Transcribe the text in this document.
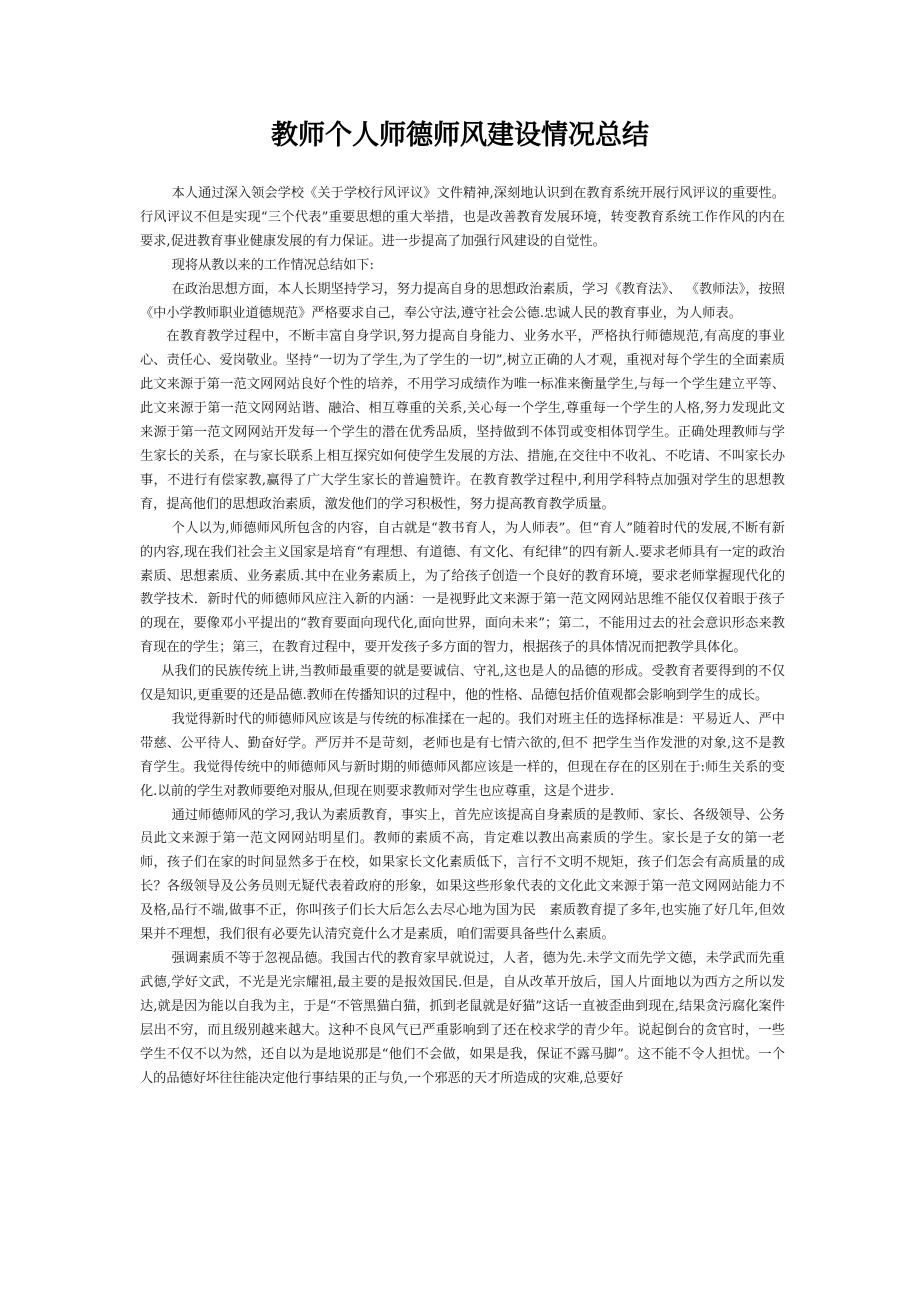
教师个人师德师风建设情况总结

本人通过深入领会学校《关于学校行风评议》文件精神,深刻地认识到在教育系统开展行风评议的重要性。行风评议不但是实现“三个代表”重要思想的重大举措，也是改善教育发展环境，转变教育系统工作作风的内在要求,促进教育事业健康发展的有力保证。进一步提高了加强行风建设的自觉性。

现将从教以来的工作情况总结如下:

在政治思想方面，本人长期坚持学习，努力提高自身的思想政治素质，学习《教育法》、 《教师法》，按照《中小学教师职业道德规范》严格要求自己，奉公守法,遵守社会公德.忠诚人民的教育事业，为人师表。

在教育教学过程中，不断丰富自身学识,努力提高自身能力、业务水平，严格执行师德规范,有高度的事业心、责任心、爱岗敬业。坚持“一切为了学生,为了学生的一切”,树立正确的人才观，重视对每个学生的全面素质此文来源于第一范文网网站良好个性的培养，不用学习成绩作为唯一标准来衡量学生,与每一个学生建立平等、此文来源于第一范文网网站谐、融洽、相互尊重的关系,关心每一个学生,尊重每一个学生的人格,努力发现此文来源于第一范文网网站开发每一个学生的潜在优秀品质，坚持做到不体罚或变相体罚学生。正确处理教师与学生家长的关系，在与家长联系上相互探究如何使学生发展的方法、措施,在交往中不收礼、不吃请、不叫家长办事，不进行有偿家教,赢得了广大学生家长的普遍赞许。在教育教学过程中,利用学科特点加强对学生的思想教育，提高他们的思想政治素质，激发他们的学习积极性，努力提高教育教学质量。

个人以为,师德师风所包含的内容，自古就是“教书育人，为人师表”。但“育人”随着时代的发展,不断有新的内容,现在我们社会主义国家是培育“有理想、有道德、有文化、有纪律”的四有新人.要求老师具有一定的政治素质、思想素质、业务素质.其中在业务素质上，为了给孩子创造一个良好的教育环境，要求老师掌握现代化的教学技术．新时代的师德师风应注入新的内涵：一是视野此文来源于第一范文网网站思维不能仅仅着眼于孩子的现在，要像邓小平提出的“教育要面向现代化,面向世界，面向未来”；第二，不能用过去的社会意识形态来教育现在的学生；第三，在教育过程中，要开发孩子多方面的智力，根据孩子的具体情况而把教学具体化。

从我们的民族传统上讲,当教师最重要的就是要诚信、守礼,这也是人的品德的形成。受教育者要得到的不仅仅是知识,更重要的还是品德.教师在传播知识的过程中，他的性格、品德包括价值观都会影响到学生的成长。

我觉得新时代的师德师风应该是与传统的标准揉在一起的。我们对班主任的选择标准是：平易近人、严中带慈、公平待人、勤奋好学。严厉并不是苛刻，老师也是有七情六欲的,但不 把学生当作发泄的对象,这不是教育学生。我觉得传统中的师德师风与新时期的师德师风都应该是一样的，但现在存在的区别在于:师生关系的变化.以前的学生对教师要绝对服从,但现在则要求教师对学生也应尊重，这是个进步.

通过师德师风的学习,我认为素质教育，事实上，首先应该提高自身素质的是教师、家长、各级领导、公务员此文来源于第一范文网网站明星们。教师的素质不高，肯定难以教出高素质的学生。家长是子女的第一老师，孩子们在家的时间显然多于在校，如果家长文化素质低下，言行不文明不规矩，孩子们怎会有高质量的成长？各级领导及公务员则无疑代表着政府的形象，如果这些形象代表的文化此文来源于第一范文网网站能力不及格,品行不端,做事不正，你叫孩子们长大后怎么去尽心地为国为民　素质教育提了多年,也实施了好几年,但效果并不理想，我们很有必要先认清究竟什么才是素质，咱们需要具备些什么素质。

强调素质不等于忽视品德。我国古代的教育家早就说过，人者，德为先.未学文而先学文德，未学武而先重武德,学好文武，不光是光宗耀祖,最主要的是报效国民.但是，自从改革开放后，国人片面地以为西方之所以发达,就是因为能以自我为主，于是“不管黑猫白猫，抓到老鼠就是好猫”这话一直被歪曲到现在,结果贪污腐化案件层出不穷，而且级别越来越大。这种不良风气已严重影响到了还在校求学的青少年。说起倒台的贪官时，一些学生不仅不以为然，还自以为是地说那是“他们不会做，如果是我，保证不露马脚”。这不能不令人担忧。一个人的品德好坏往往能决定他行事结果的正与负,一个邪恶的天才所造成的灾难,总要好
